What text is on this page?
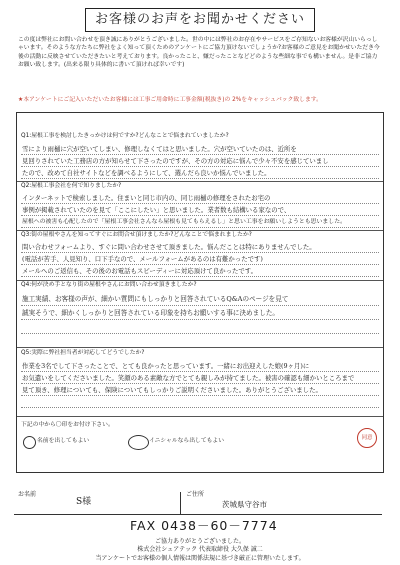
お客様のお声をお聞かせください
この度は弊社にお問い合わせを頂き誠にありがとうございました。世の中には弊社のお存在やサービスをご存知ないお客様が沢山いらっしゃいます。そのような方たちに弊社をよく知って頂くためのアンケートにご協力頂けないでしょうか?お客様のご意見をお聞かせいただき今後の活動に反映させていただきたいと考えております。良かったこと、嫌だったことなどどのような些細な事でも構いません。是非ご協力お願い致します。(出来る限り具体的に書いて頂ければ幸いです)
★本アンケートにご記入いただいたお客様には工事ご用命時に工事金額(税抜き)の 2%をキャッシュバック致します。
Q1:屋根工事を検討したきっかけは何ですか?どんなことで悩まれていましたか?
雪により雨樋に穴が空いてしまい、修理しなくてはと思いました。穴が空いていたのは、近所を
見回りされていた工務店の方が知らせて下さったのですが、その方の対応に悩んで少々不安を感じていまし
たので、改めて自社サイトなどを調べるようにして、選んだら良いか悩んでいました。
Q2:屋根工事会社を何で知りましたか?
インターネットで検索しました。住まいと同じ市内の、同じ雨樋の修理をされたお宅の
事例が掲載されていたのを見て「ここにしたい」と思いました。業者数も結構いる家なので、
屋根への被害も心配したので「屋根工事会社さんなら屋根も見てもらえるし」と思い工事をお願いしようとも思いました。
Q3:街の屋根やさんを知ってすぐにお問合せ頂けましたか?どんなことで悩まれましたか?
問い合わせフォームより、すぐに問い合わせさせて頂きました。悩んだことは特にありませんでした。
(電話が苦手、人見知り、口下手なので、メールフォームがあるのは有難かったです)
メールへのご返信も、その後のお電話もスピーディーに対応頂けて良かったです。
Q4:何が決め手となり街の屋根やさんにお問い合わせ頂きましたか?
施工実績、お客様の声が、細かい質問にもしっかりと回答されているQ&Aのページを見て
誠実そうで、細かくしっかりと回答されている印象を持ちお願いする事に決めました。
Q5:実際に弊社担当者が対応してどうでしたか?
作業を3名でして下さったことで、とても良かったと思っています。一緒にお出迎えした娘(9ヶ月)に
お気遣いをしてくださいました。笑顔のある素敵な方でとても親しみが持てました。被害の確認も細かいところまで
見て頂き、修理についても、保険についてもしっかりご説明くださいました。ありがとうございました。
下記の中から〇印をお付け下さい。
名前を出してもよい	イニシャルなら出してもよい	同意
お名前
S様
ご住所
茨城県守谷市
FAX 0438－60－7774
ご協力ありがとうございました。
株式会社シェアテック 代表取締役 大久保 誠二
当アンケートでお客様の個人情報は関係法規に基づき厳正に管理いたします。
